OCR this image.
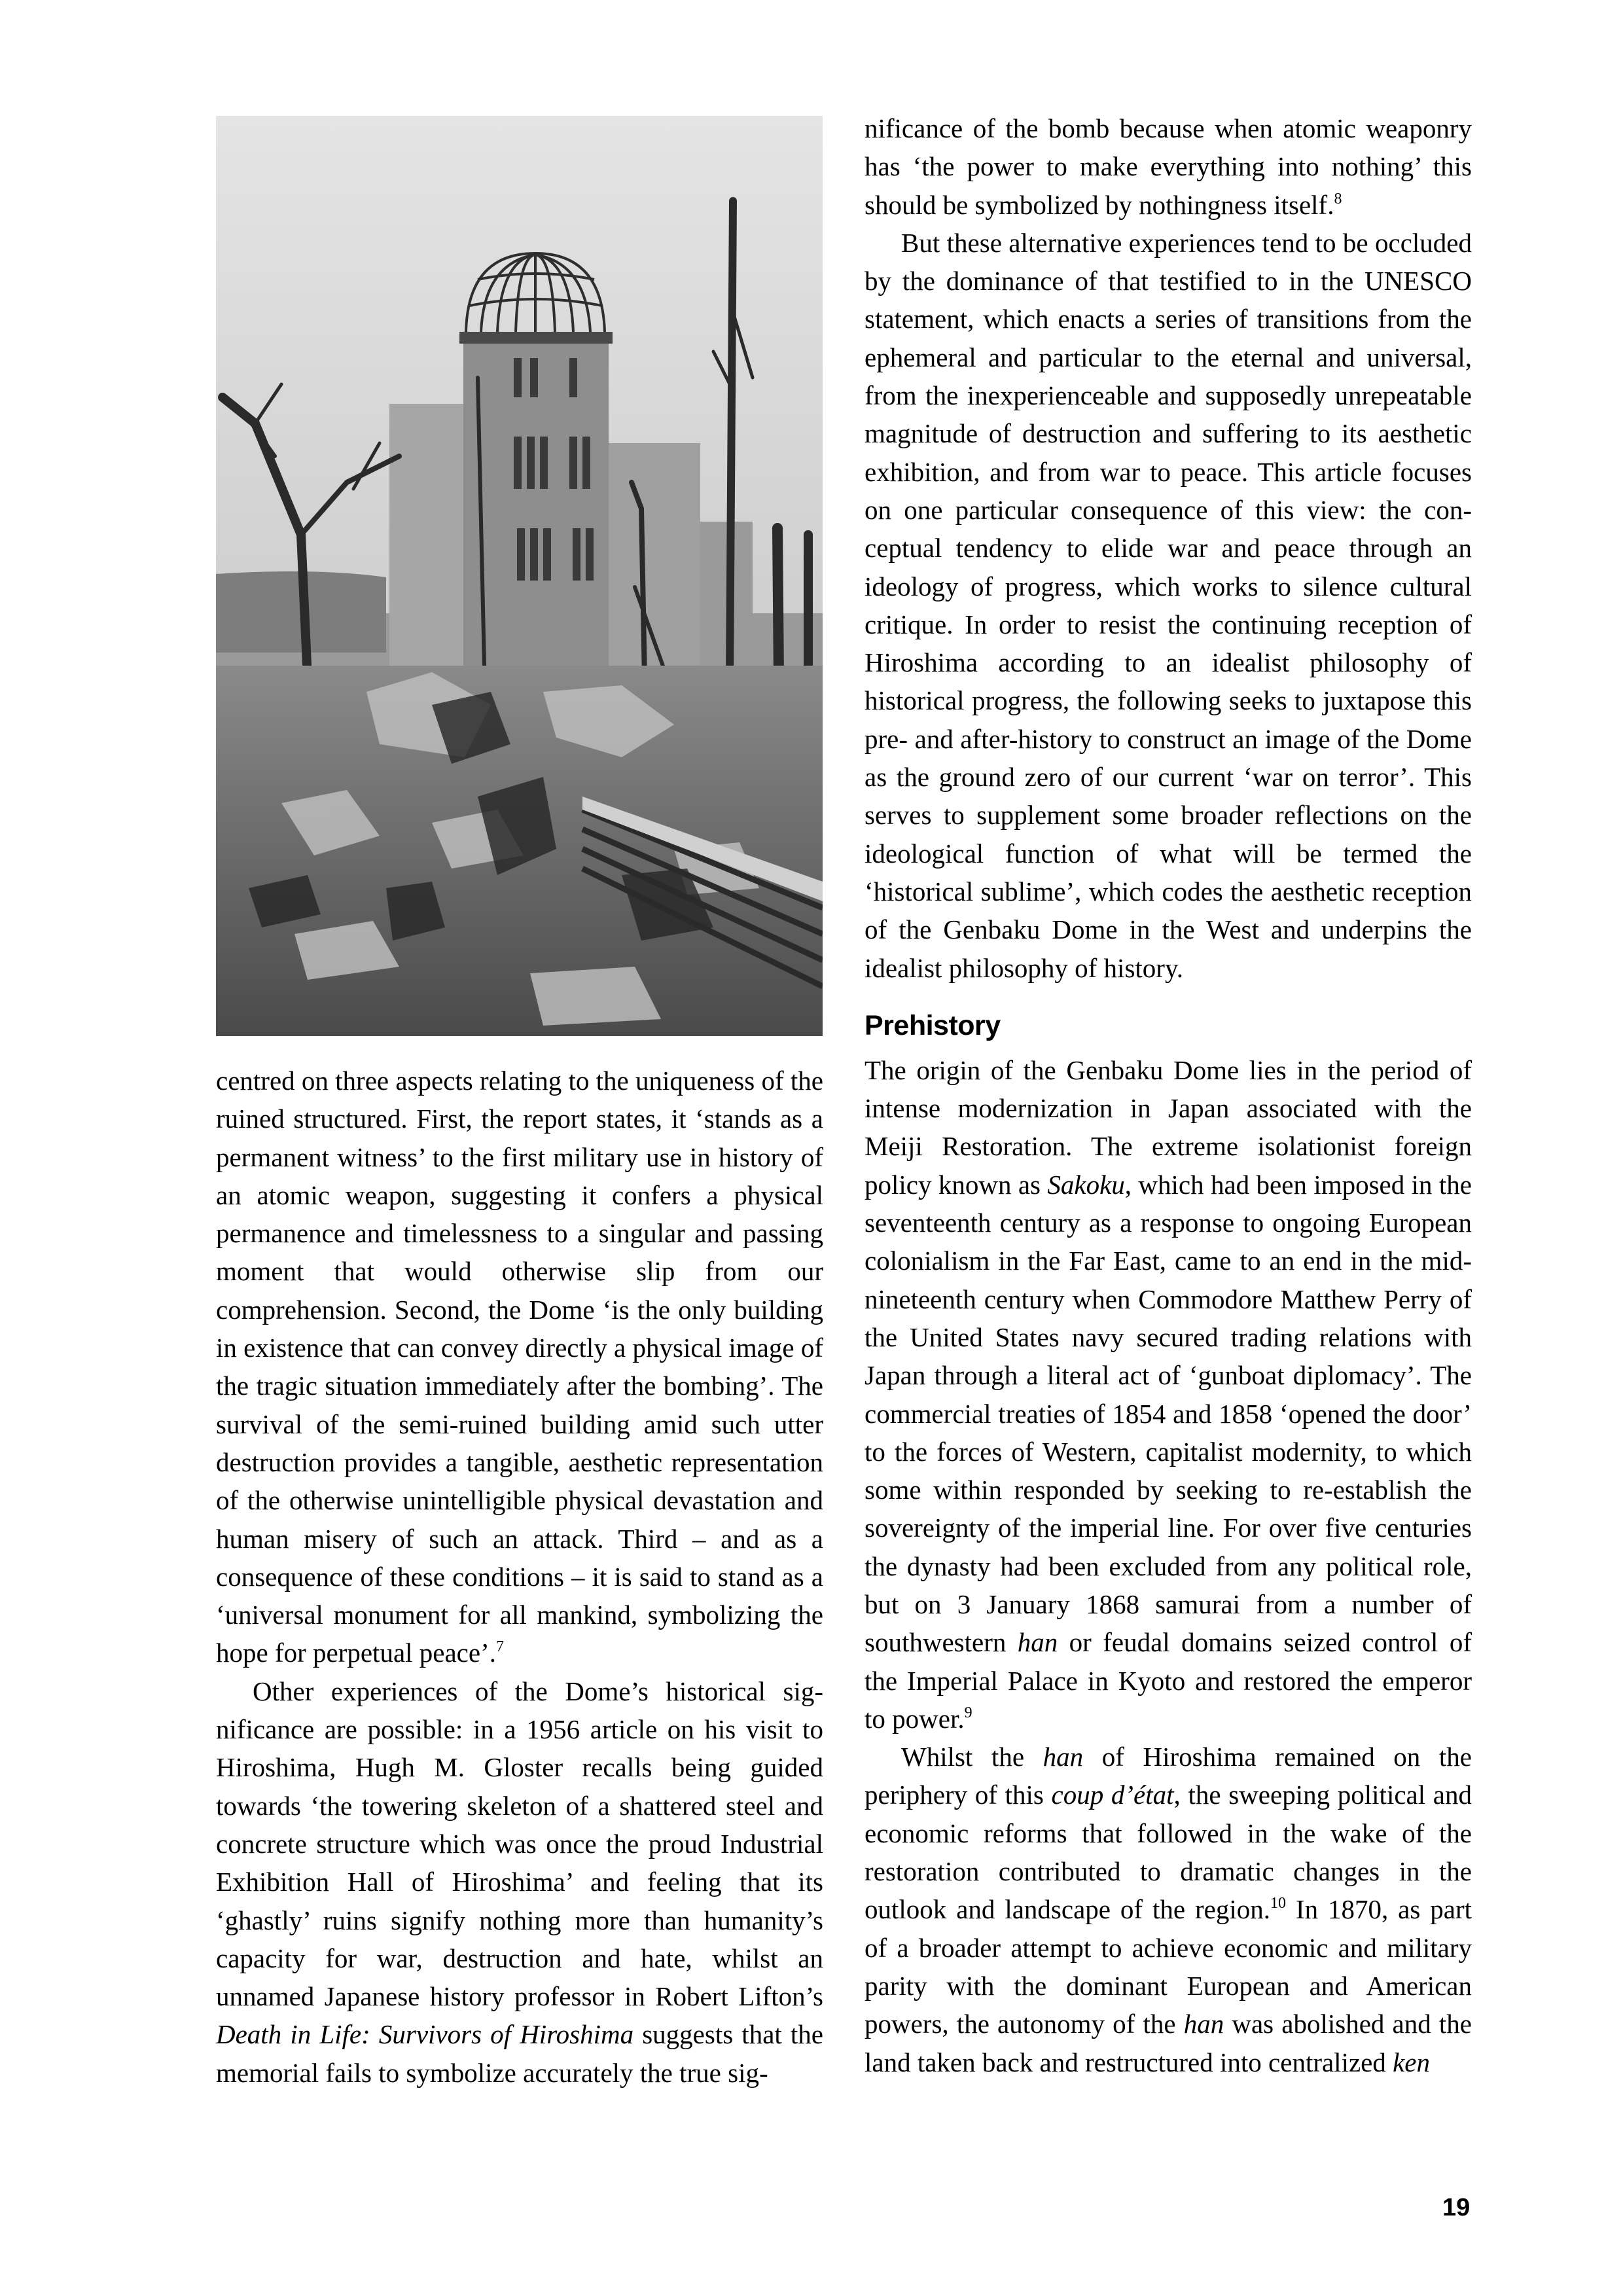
centred on three aspects relating to the uniqueness of the ruined structured. First, the report states, it ‘stands as a permanent witness’ to the first military use in history of an atomic weapon, suggesting it confers a physical permanence and timelessness to a singular and passing moment that would otherwise slip from our comprehension. Second, the Dome ‘is the only building in existence that can convey directly a physical image of the tragic situation immediately after the bombing’. The survival of the semi-ruined building amid such utter destruction provides a tangible, aesthetic representation of the otherwise unintelligible physical devastation and human misery of such an attack. Third – and as a consequence of these conditions – it is said to stand as a ‘universal monument for all mankind, symbolizing the hope for perpetual peace’.$^7$

Other experiences of the Dome’s historical significance are possible: in a 1956 article on his visit to Hiroshima, Hugh M. Gloster recalls being guided towards ‘the towering skeleton of a shattered steel and concrete structure which was once the proud Industrial Exhibition Hall of Hiroshima’ and feeling that its ‘ghastly’ ruins signify nothing more than humanity’s capacity for war, destruction and hate, whilst an unnamed Japanese history professor in Robert Lifton’s Death in Life: Survivors of Hiroshima suggests that the memorial fails to symbolize accurately the true sig-

nificance of the bomb because when atomic weaponry has ‘the power to make everything into nothing’ this should be symbolized by nothingness itself.$^8$

But these alternative experiences tend to be occluded by the dominance of that testified to in the UNESCO statement, which enacts a series of transitions from the ephemeral and particular to the eternal and universal, from the inexperienceable and supposedly unrepeatable magnitude of destruction and suffering to its aesthetic exhibition, and from war to peace. This article focuses on one particular consequence of this view: the conceptual tendency to elide war and peace through an ideology of progress, which works to silence cultural critique. In order to resist the continuing reception of Hiroshima according to an idealist philosophy of historical progress, the following seeks to juxtapose this pre- and after-history to construct an image of the Dome as the ground zero of our current ‘war on terror’. This serves to supplement some broader reflections on the ideological function of what will be termed the ‘historical sublime’, which codes the aesthetic reception of the Genbaku Dome in the West and underpins the idealist philosophy of history.

Prehistory

The origin of the Genbaku Dome lies in the period of intense modernization in Japan associated with the Meiji Restoration. The extreme isolationist foreign policy known as Sakoku, which had been imposed in the seventeenth century as a response to ongoing European colonialism in the Far East, came to an end in the mid-nineteenth century when Commodore Matthew Perry of the United States navy secured trading relations with Japan through a literal act of ‘gunboat diplomacy’. The commercial treaties of 1854 and 1858 ‘opened the door’ to the forces of Western, capitalist modernity, to which some within responded by seeking to re-establish the sovereignty of the imperial line. For over five centuries the dynasty had been excluded from any political role, but on 3 January 1868 samurai from a number of southwestern han or feudal domains seized control of the Imperial Palace in Kyoto and restored the emperor to power.$^9$

Whilst the han of Hiroshima remained on the periphery of this coup d’état, the sweeping political and economic reforms that followed in the wake of the restoration contributed to dramatic changes in the outlook and landscape of the region.$^{10}$ In 1870, as part of a broader attempt to achieve economic and military parity with the dominant European and American powers, the autonomy of the han was abolished and the land taken back and restructured into centralized ken

19
